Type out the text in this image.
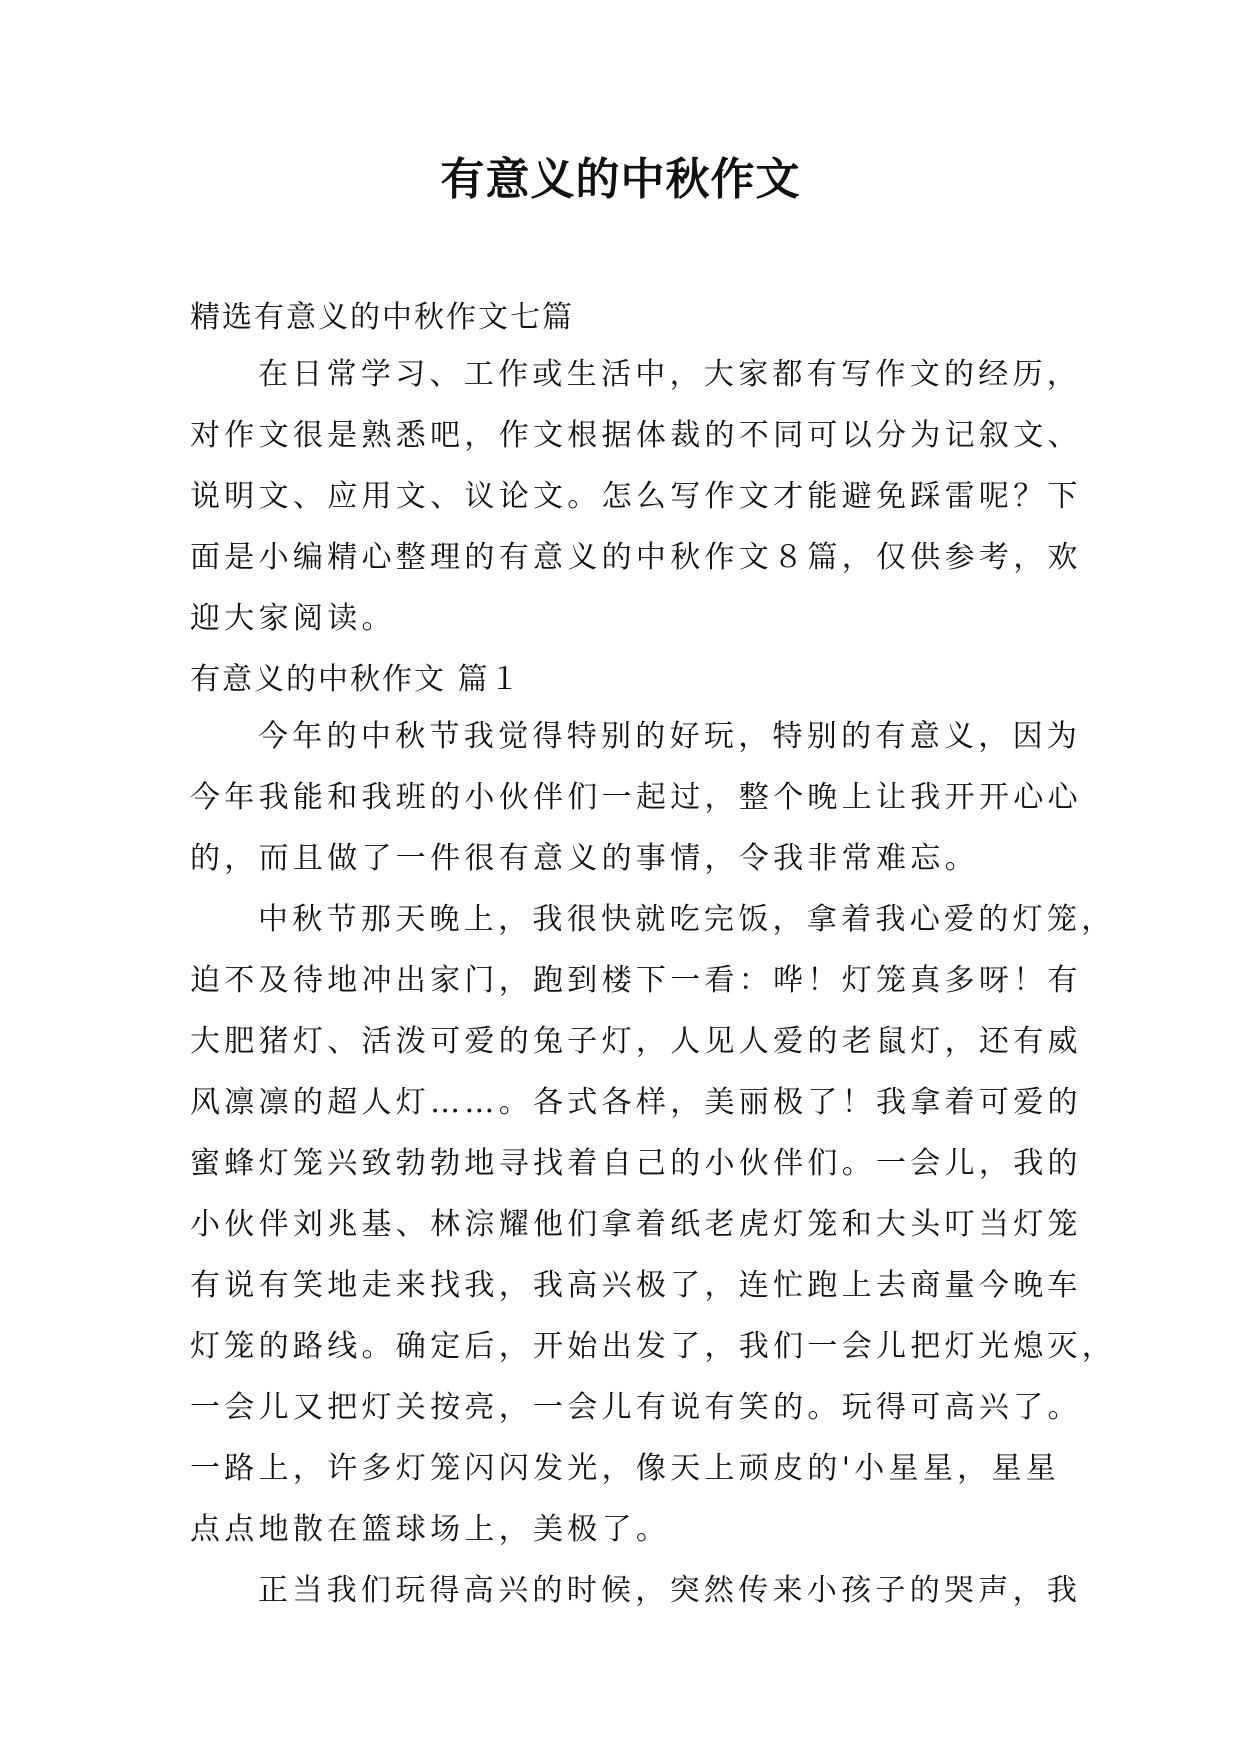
有意义的中秋作文
精选有意义的中秋作文七篇
在日常学习、工作或生活中，大家都有写作文的经历，
对作文很是熟悉吧，作文根据体裁的不同可以分为记叙文、
说明文、应用文、议论文。怎么写作文才能避免踩雷呢？下
面是小编精心整理的有意义的中秋作文８篇，仅供参考，欢
迎大家阅读。
有意义的中秋作文 篇１
今年的中秋节我觉得特别的好玩，特别的有意义，因为
今年我能和我班的小伙伴们一起过，整个晚上让我开开心心
的，而且做了一件很有意义的事情，令我非常难忘。
中秋节那天晚上，我很快就吃完饭，拿着我心爱的灯笼，
迫不及待地冲出家门，跑到楼下一看：哗！灯笼真多呀！有
大肥猪灯、活泼可爱的兔子灯，人见人爱的老鼠灯，还有威
风凛凛的超人灯……。各式各样，美丽极了！我拿着可爱的
蜜蜂灯笼兴致勃勃地寻找着自己的小伙伴们。一会儿，我的
小伙伴刘兆基、林淙耀他们拿着纸老虎灯笼和大头叮当灯笼
有说有笑地走来找我，我高兴极了，连忙跑上去商量今晚车
灯笼的路线。确定后，开始出发了，我们一会儿把灯光熄灭，
一会儿又把灯关按亮，一会儿有说有笑的。玩得可高兴了。
一路上，许多灯笼闪闪发光，像天上顽皮的'小星星，星星
点点地散在篮球场上，美极了。
正当我们玩得高兴的时候，突然传来小孩子的哭声，我
